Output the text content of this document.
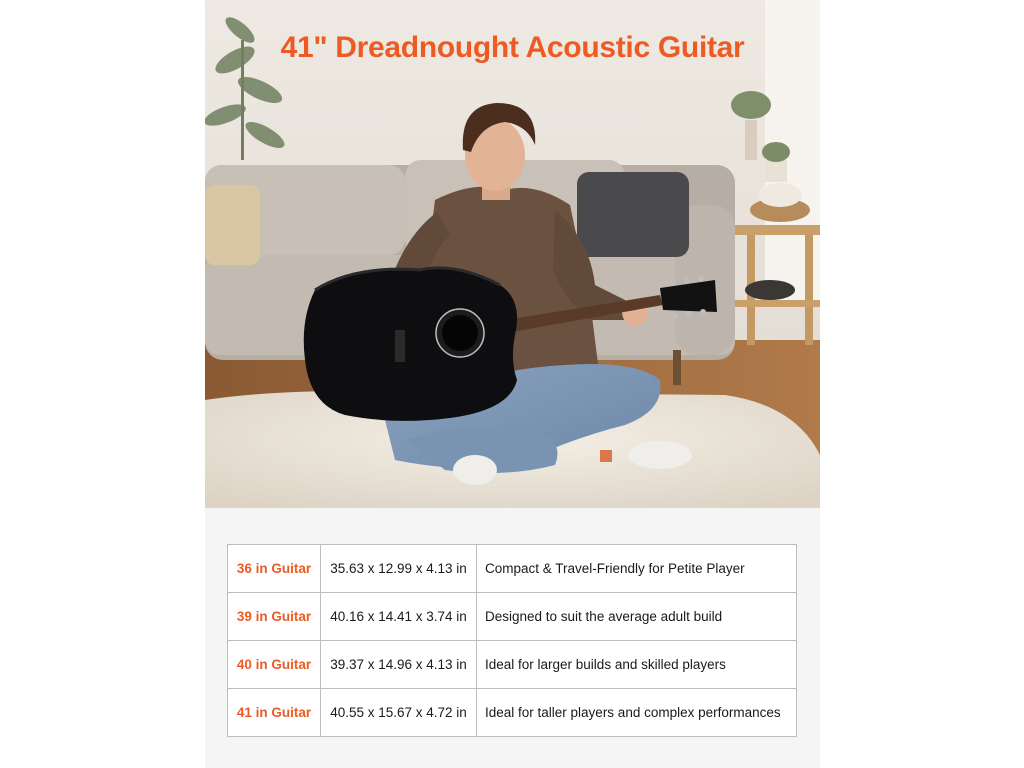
41" Dreadnought Acoustic Guitar
36 in Guitar	35.63 x 12.99 x 4.13 in	Compact & Travel-Friendly for Petite Player
39 in Guitar	40.16 x 14.41 x 3.74 in	Designed to suit the average adult build
40 in Guitar	39.37 x 14.96 x 4.13 in	Ideal for larger builds and skilled players
41 in Guitar	40.55 x 15.67 x 4.72 in	Ideal for taller players and complex performances
